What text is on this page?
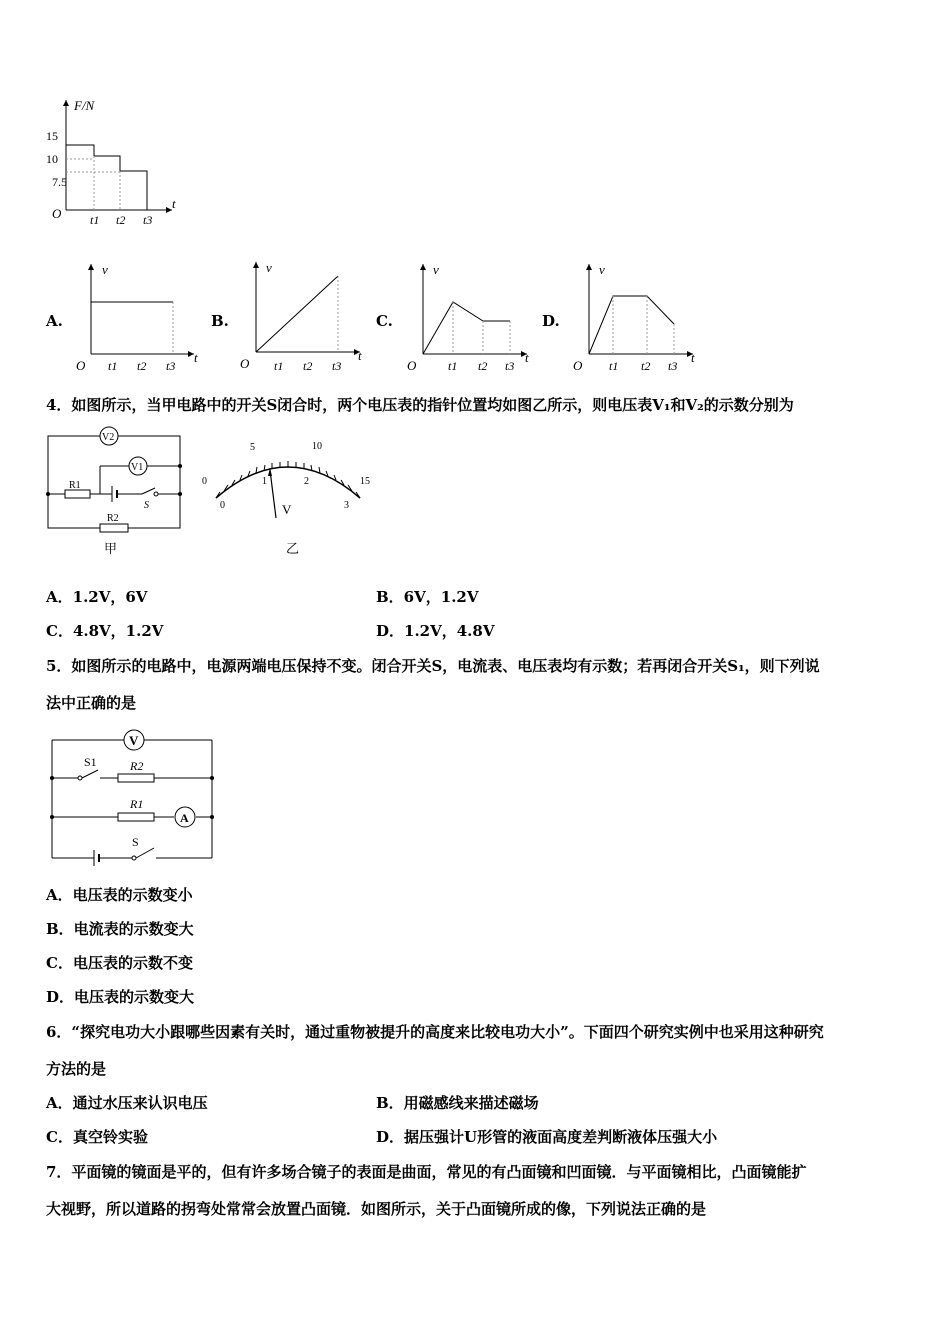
F/N
t
O
15
10
7.5
t1 t2 t3
A.	B.	C.	D.
v
t
O t1 t2 t3
v
t
O t1 t2 t3
v
t
O	t1 t2 t3
v
t
O t1 t2 t3
4．如图所示，当甲电路中的开关S闭合时，两个电压表的指针位置均如图乙所示，则电压表V₁和V₂的示数分别为
V2
V1
R1
S
R2
甲
0
5	10
15
0
1	2
3
V
乙
A．1.2V，6V	B．6V，1.2V
C．4.8V，1.2V	D．1.2V，4.8V
5．如图所示的电路中，电源两端电压保持不变。闭合开关S，电流表、电压表均有示数；若再闭合开关S₁，则下列说
法中正确的是
V
S1	R2
R1
A
S
A．电压表的示数变小
B．电流表的示数变大
C．电压表的示数不变
D．电压表的示数变大
6．“探究电功大小跟哪些因素有关时，通过重物被提升的高度来比较电功大小”。下面四个研究实例中也采用这种研究
方法的是
A．通过水压来认识电压	B．用磁感线来描述磁场
C．真空铃实验	D．据压强计U形管的液面高度差判断液体压强大小
7．平面镜的镜面是平的，但有许多场合镜子的表面是曲面，常见的有凸面镜和凹面镜．与平面镜相比，凸面镜能扩
大视野，所以道路的拐弯处常常会放置凸面镜．如图所示，关于凸面镜所成的像，下列说法正确的是
